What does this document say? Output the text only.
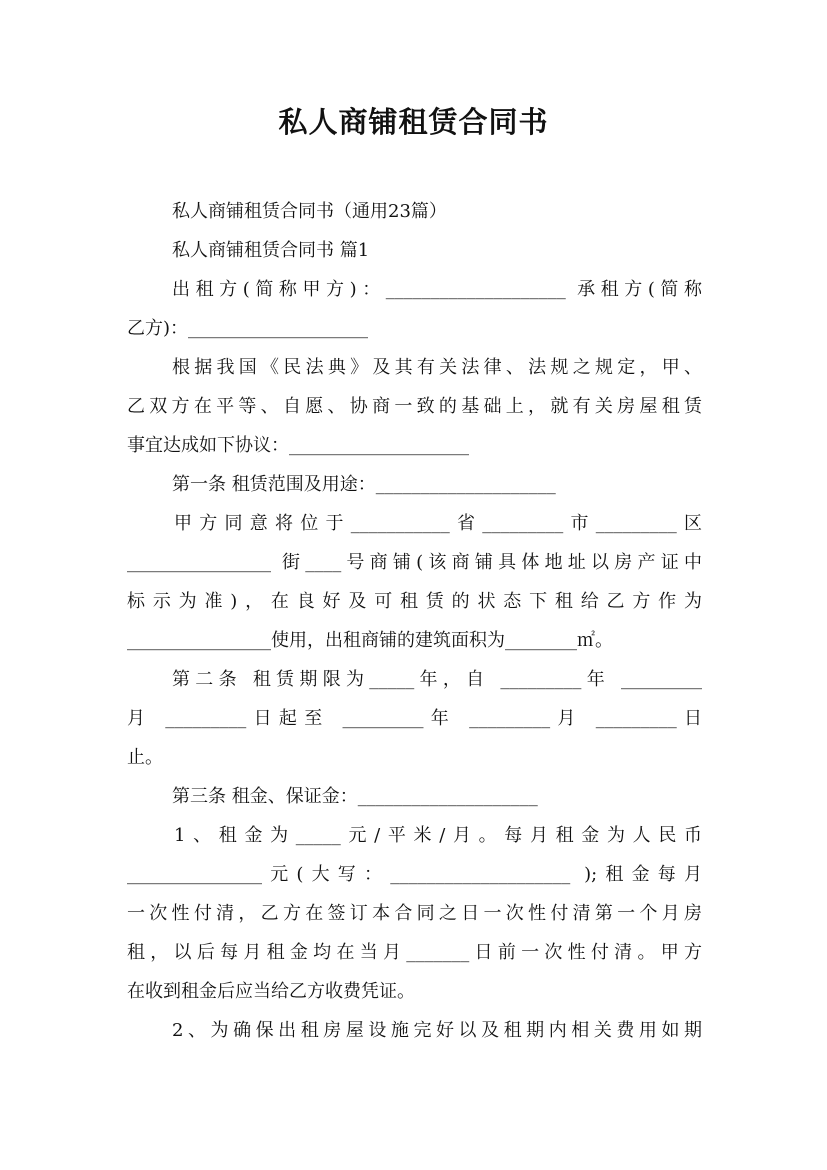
私人商铺租赁合同书
私人商铺租赁合同书（通用23篇）
私人商铺租赁合同书 篇1
出租方(简称甲方)：____________________ 承租方(简称
乙方)：____________________
根据我国《民法典》及其有关法律、法规之规定，甲、
乙双方在平等、自愿、协商一致的基础上，就有关房屋租赁
事宜达成如下协议：____________________
第一条 租赁范围及用途：____________________
甲方同意将位于___________省_________市_________区
________________ 街____号商铺(该商铺具体地址以房产证中
标示为准)，在良好及可租赁的状态下租给乙方作为
________________使用，出租商铺的建筑面积为________㎡。
第二条 租赁期限为_____年，自 _________年 _________
月 _________日起至 _________年 _________月 _________日
止。
第三条 租金、保证金：____________________
1、租金为_____元/平米/月。每月租金为人民币
_______________元(大写：____________________ );租金每月
一次性付清，乙方在签订本合同之日一次性付清第一个月房
租，以后每月租金均在当月_______日前一次性付清。甲方
在收到租金后应当给乙方收费凭证。
2、为确保出租房屋设施完好以及租期内相关费用如期
